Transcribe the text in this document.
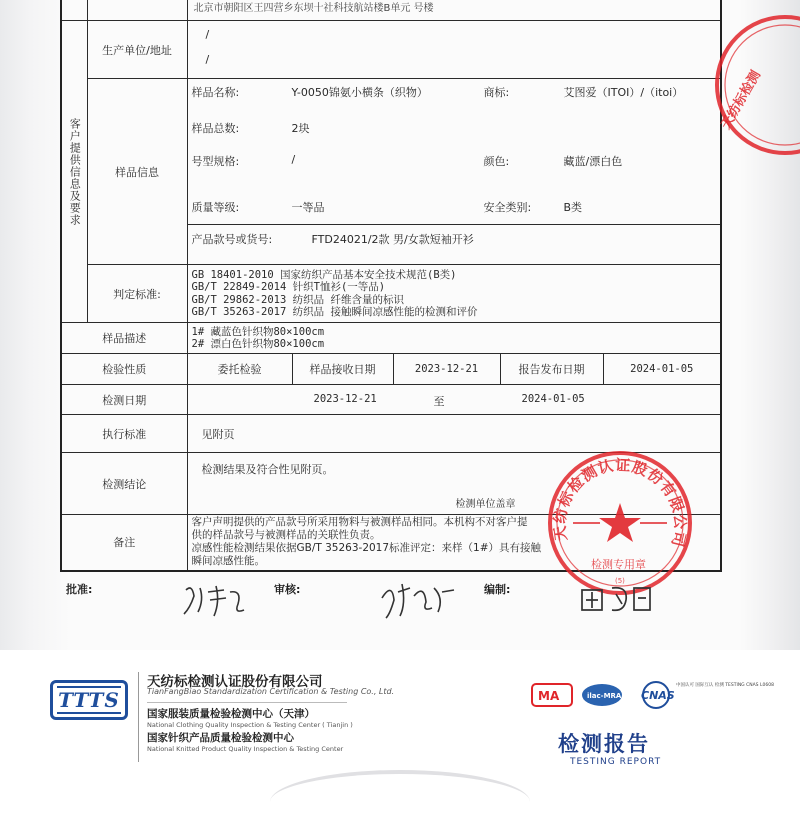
		北京市朝阳区王四营乡东坝十社科技航站楼B单元 号楼

客户提供信息及要求	生产单位/地址	/
/

	样品信息	样品名称: Y-0050锦氨小横条（织物） 商标: 艾图爱（ITOI）/（itoi）

		样品总数: 2块

		号型规格: / 颜色: 藏蓝/漂白色

		质量等级: 一等品 安全类别: B类

		产品款号或货号: FTD24021/2款 男/女款短袖开衫

	判定标准:	GB 18401-2010 国家纺织产品基本安全技术规范(B类)
GB/T 22849-2014 针织T恤衫(一等品)
GB/T 29862-2013 纺织品 纤维含量的标识
GB/T 35263-2017 纺织品 接触瞬间凉感性能的检测和评价

样品描述		1# 藏蓝色针织物80×100cm
2# 漂白色针织物80×100cm

检验性质		委托检验 样品接收日期 2023-12-21 报告发布日期 2024-01-05

检测日期		2023-12-21 至 2024-01-05

执行标准		见附页

检测结论		检测结果及符合性见附页。
检测单位盖章

备注		客户声明提供的产品款号所采用物料与被测样品相同。本机构不对客户提
供的样品款号与被测样品的关联性负责。
凉感性能检测结果依据GB/T 35263-2017标准评定：来样（1#）具有接触
瞬间凉感性能。
天纺标检测
天纺标检测认证股份有限公司
检测专用章
(5)
批准:	审核:	编制:
TTTS
天纺标检测认证股份有限公司
TianFangBiao Standardization Certification & Testing Co., Ltd.
国家服装质量检验检测中心（天津）
National Clothing Quality Inspection & Testing Center ( Tianjin )
国家针织产品质量检验检测中心
National Knitted Product Quality Inspection & Testing Center
MA	ilac-MRA CNAS
中国认可 国际互认 检测 TESTING CNAS L0608
检测报告
TESTING REPORT
